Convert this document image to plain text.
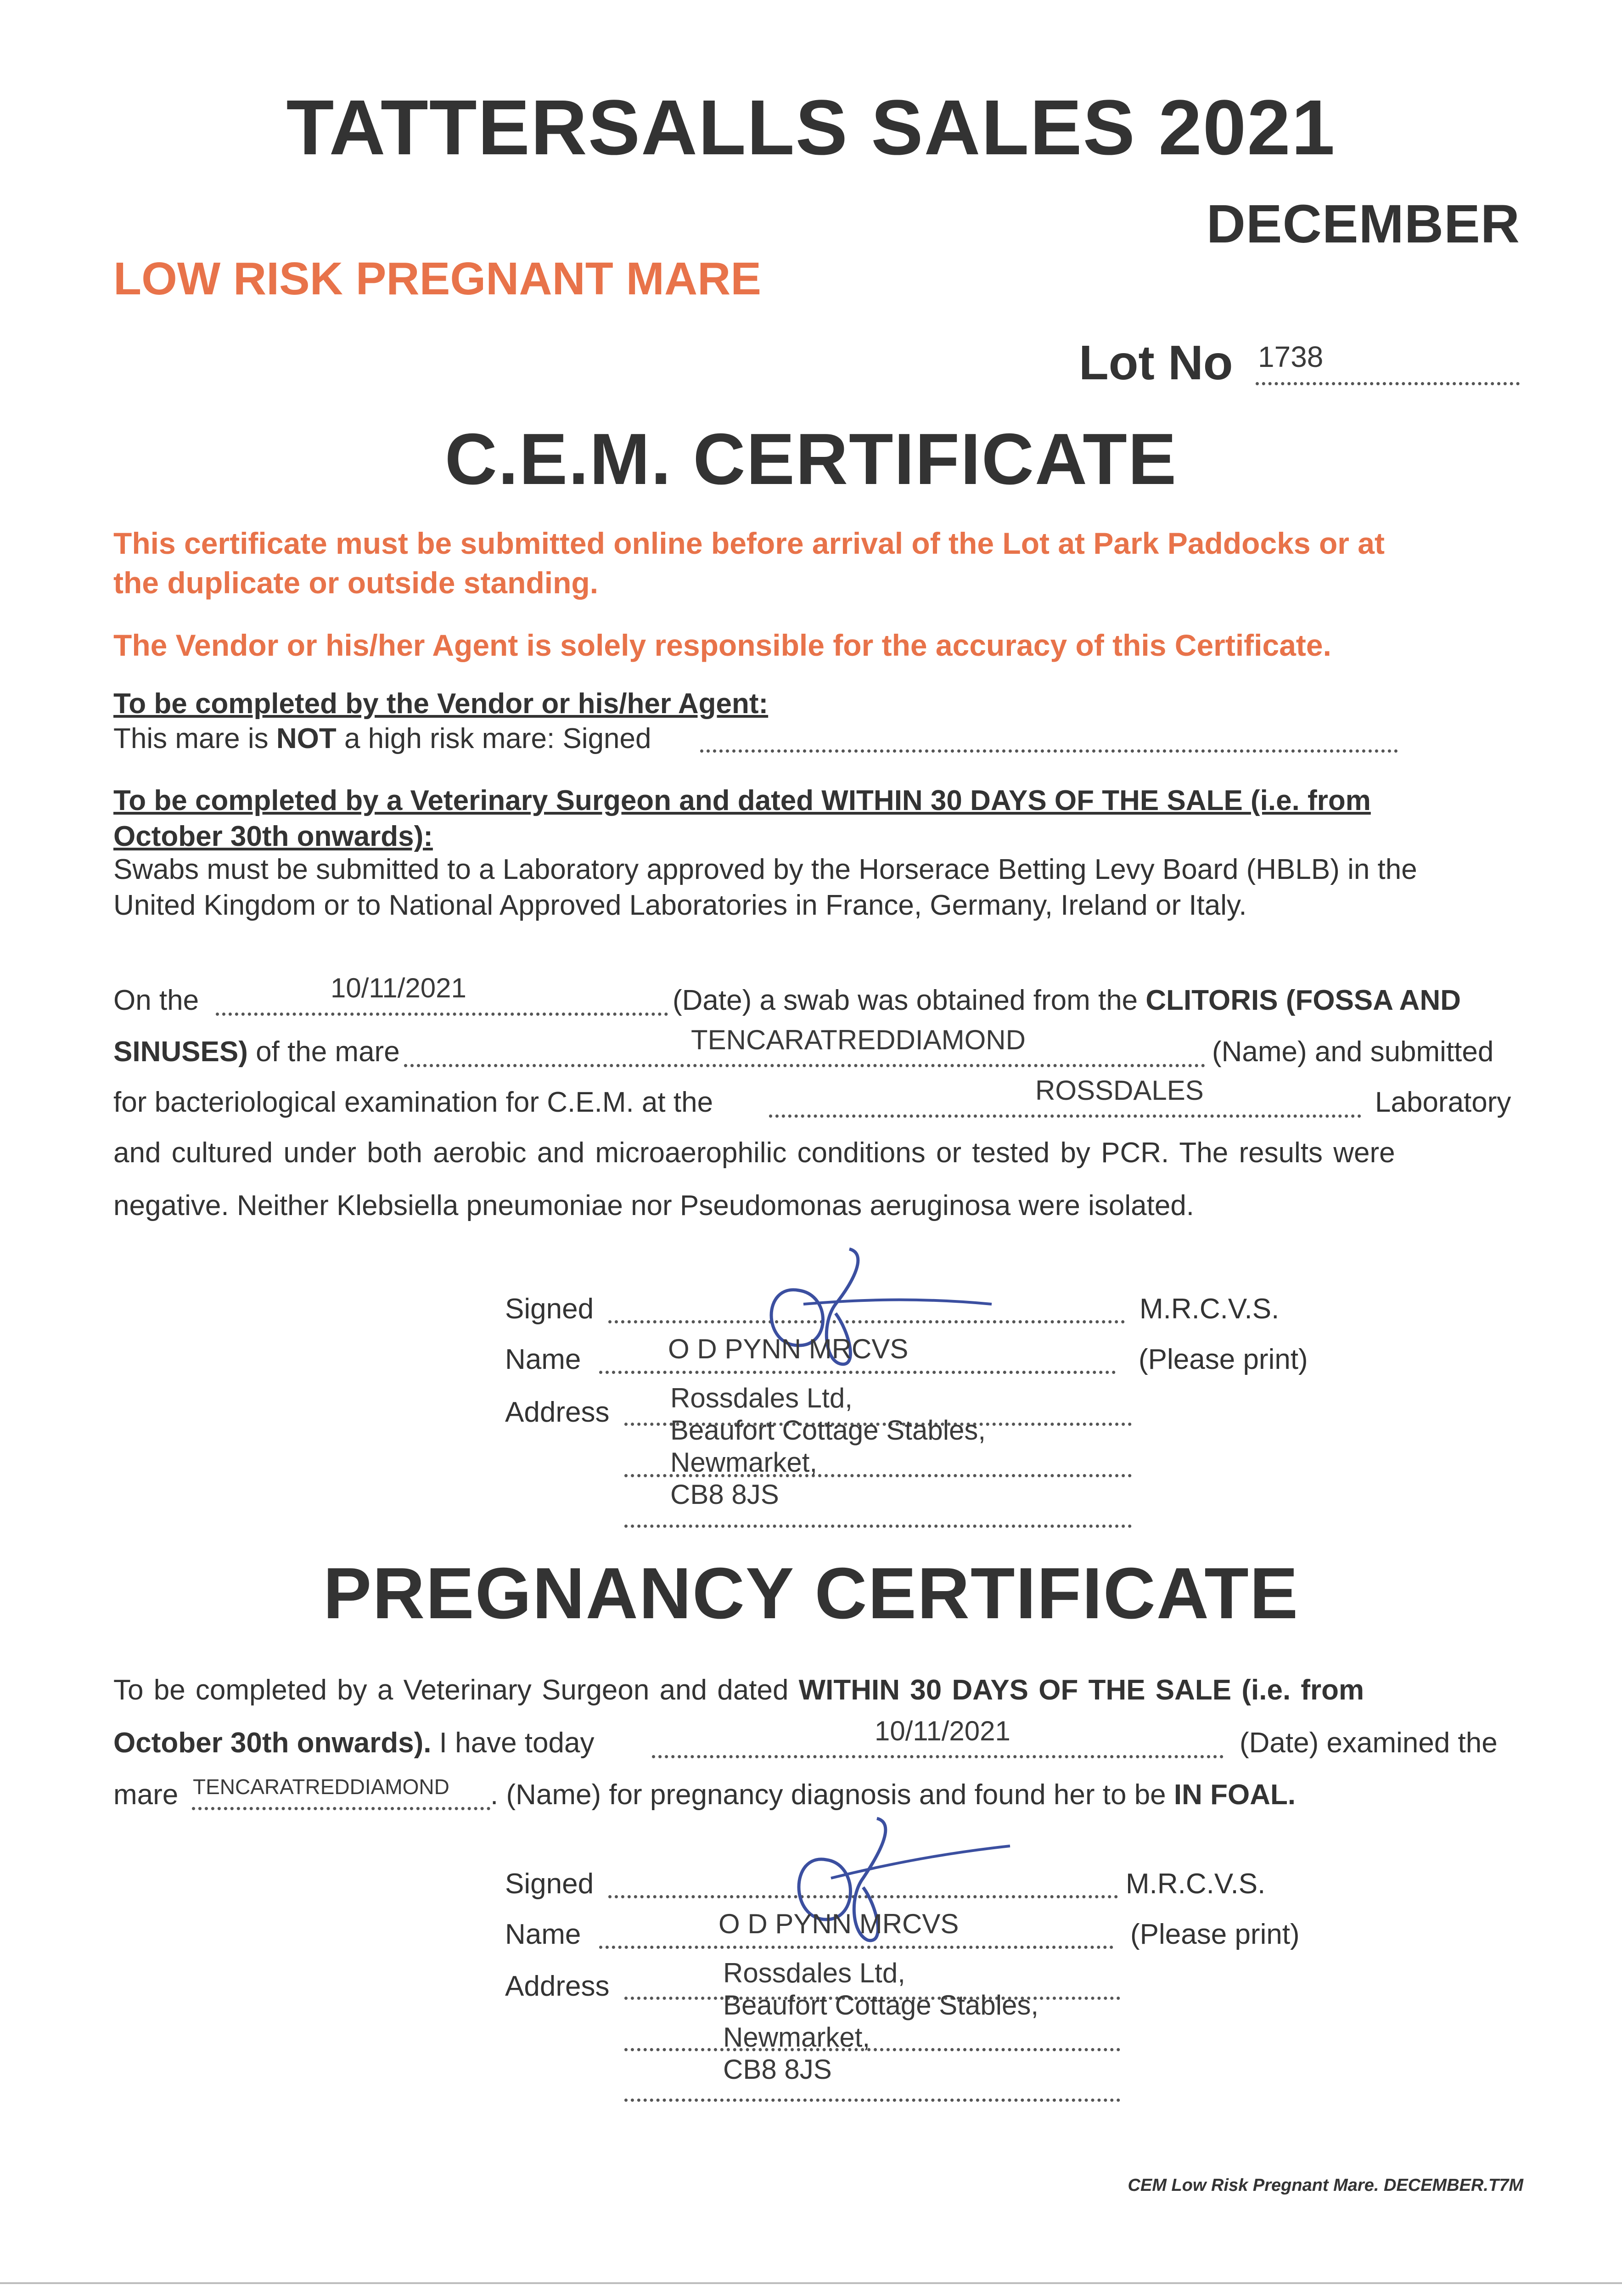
TATTERSALLS SALES 2021
DECEMBER
LOW RISK PREGNANT MARE
Lot No 1738
C.E.M. CERTIFICATE
This certificate must be submitted online before arrival of the Lot at Park Paddocks or at
the duplicate or outside standing.
The Vendor or his/her Agent is solely responsible for the accuracy of this Certificate.
To be completed by the Vendor or his/her Agent:
This mare is NOT a high risk mare: Signed
To be completed by a Veterinary Surgeon and dated WITHIN 30 DAYS OF THE SALE (i.e. from
October 30th onwards):
Swabs must be submitted to a Laboratory approved by the Horserace Betting Levy Board (HBLB) in the
United Kingdom or to National Approved Laboratories in France, Germany, Ireland or Italy.
On the	10/11/2021	(Date) a swab was obtained from the CLITORIS (FOSSA AND
SINUSES) of the mare	TENCARATREDDIAMOND	(Name) and submitted
for bacteriological examination for C.E.M. at the	ROSSDALES	Laboratory
and cultured under both aerobic and microaerophilic conditions or tested by PCR. The results were
negative. Neither Klebsiella pneumoniae nor Pseudomonas aeruginosa were isolated.
Signed	M.R.C.V.S.
Name	O D PYNN MRCVS	(Please print)
Address Rossdales Ltd,
Beaufort Cottage Stables,
Newmarket,
CB8 8JS
PREGNANCY CERTIFICATE
To be completed by a Veterinary Surgeon and dated WITHIN 30 DAYS OF THE SALE (i.e. from
October 30th onwards). I have today	10/11/2021	(Date) examined the
mare TENCARATREDDIAMOND . (Name) for pregnancy diagnosis and found her to be IN FOAL.
Signed	M.R.C.V.S.
Name	O D PYNN MRCVS	(Please print)
Address	Rossdales Ltd,
Beaufort Cottage Stables,
Newmarket,
CB8 8JS
CEM Low Risk Pregnant Mare. DECEMBER.T7M
